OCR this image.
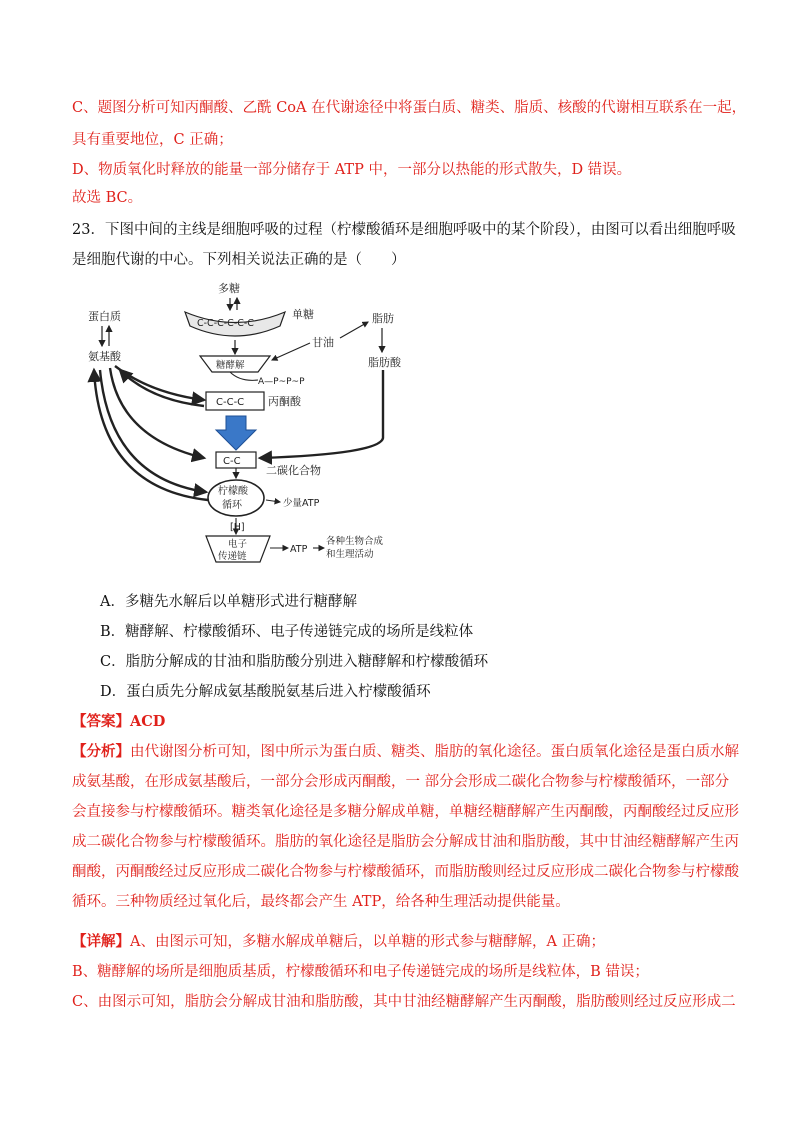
C、题图分析可知丙酮酸、乙酰 CoA 在代谢途径中将蛋白质、糖类、脂质、核酸的代谢相互联系在一起，
具有重要地位，C 正确；
D、物质氧化时释放的能量一部分储存于 ATP 中，一部分以热能的形式散失，D 错误。
故选 BC。
23．下图中间的主线是细胞呼吸的过程（柠檬酸循环是细胞呼吸中的某个阶段），由图可以看出细胞呼吸
是细胞代谢的中心。下列相关说法正确的是（　　）
多糖
C-C-C-C-C-C
单糖
糖酵解
A—P~P~P
甘油
脂肪
脂肪酸
蛋白质
氨基酸
C-C-C 丙酮酸
C-C
二碳化合物
柠檬酸
循环	少量ATP
[H]
电子
传递链
ATP
各种生物合成
和生理活动
A．多糖先水解后以单糖形式进行糖酵解
B．糖酵解、柠檬酸循环、电子传递链完成的场所是线粒体
C．脂肪分解成的甘油和脂肪酸分别进入糖酵解和柠檬酸循环
D．蛋白质先分解成氨基酸脱氨基后进入柠檬酸循环
【答案】ACD
【分析】由代谢图分析可知，图中所示为蛋白质、糖类、脂肪的氧化途径。蛋白质氧化途径是蛋白质水解
成氨基酸，在形成氨基酸后，一部分会形成丙酮酸，一 部分会形成二碳化合物参与柠檬酸循环，一部分
会直接参与柠檬酸循环。糖类氧化途径是多糖分解成单糖，单糖经糖酵解产生丙酮酸，丙酮酸经过反应形
成二碳化合物参与柠檬酸循环。脂肪的氧化途径是脂肪会分解成甘油和脂肪酸，其中甘油经糖酵解产生丙
酮酸，丙酮酸经过反应形成二碳化合物参与柠檬酸循环，而脂肪酸则经过反应形成二碳化合物参与柠檬酸
循环。三种物质经过氧化后，最终都会产生 ATP，给各种生理活动提供能量。
【详解】A、由图示可知，多糖水解成单糖后，以单糖的形式参与糖酵解，A 正确；
B、糖酵解的场所是细胞质基质，柠檬酸循环和电子传递链完成的场所是线粒体，B 错误；
C、由图示可知，脂肪会分解成甘油和脂肪酸，其中甘油经糖酵解产生丙酮酸，脂肪酸则经过反应形成二
